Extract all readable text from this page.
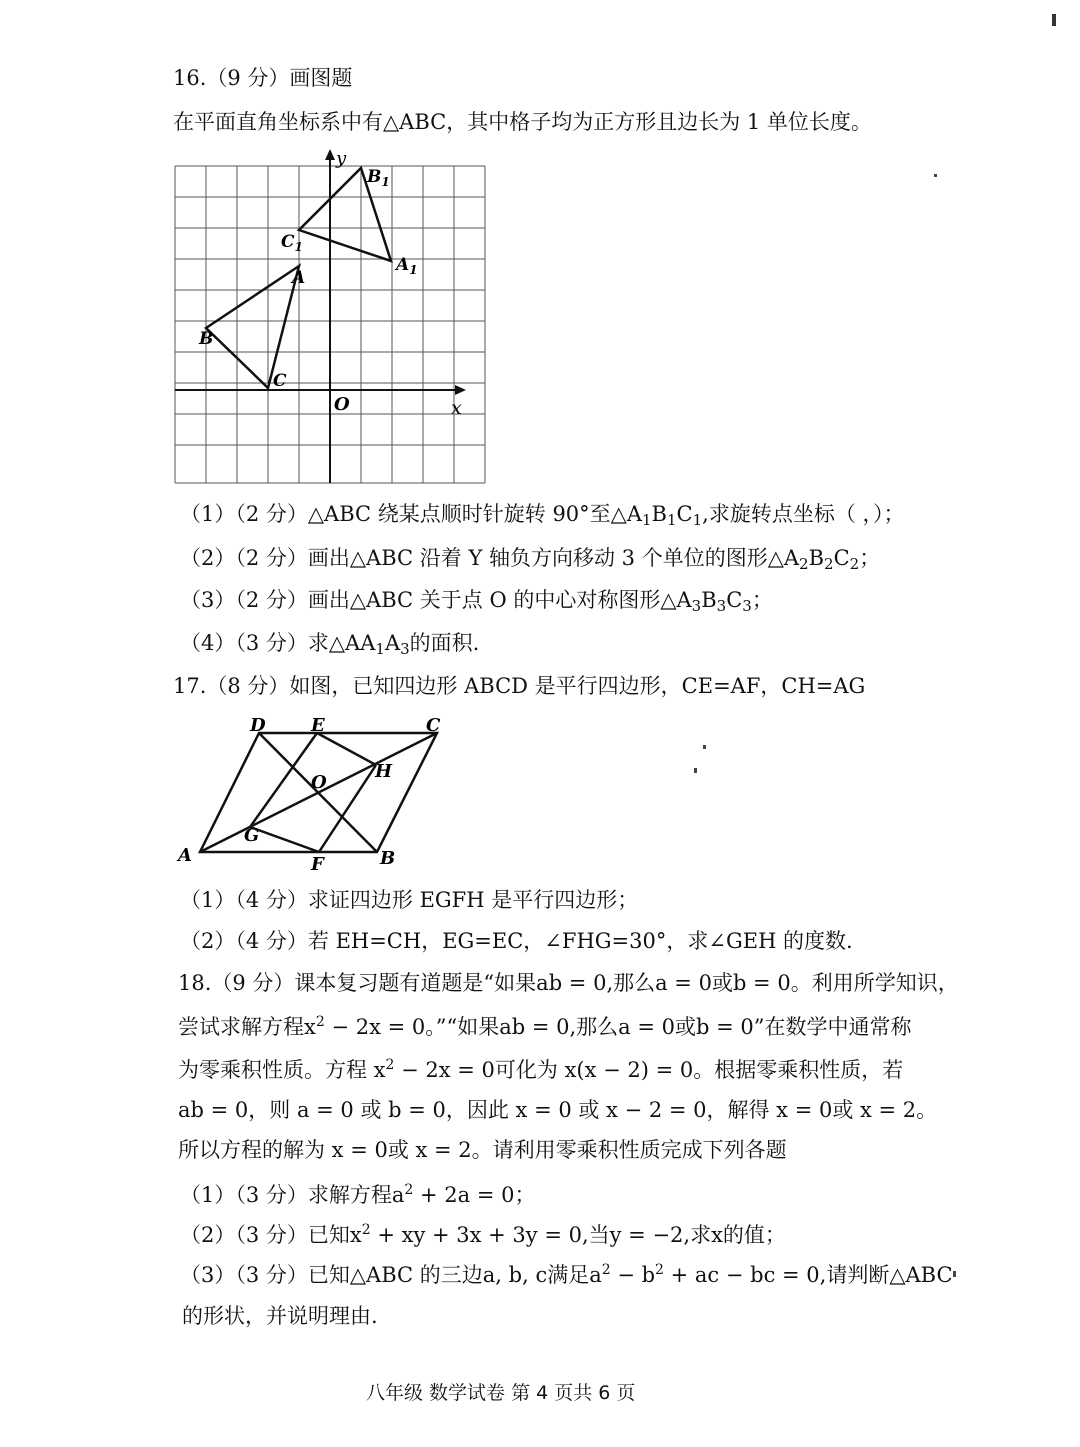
16.（9 分）画图题
在平面直角坐标系中有△ABC，其中格子均为正方形且边长为 1 单位长度。
y
x
O
$B_1$
$C_1$
$A_1$
A
B
C
（1）（2 分）△ABC 绕某点顺时针旋转 90°至$\triangle A_1B_1C_1$,求旋转点坐标（ ，）；
（2）（2 分）画出△ABC 沿着 Y 轴负方向移动 3 个单位的图形$\triangle A_2B_2C_2$；
（3）（2 分）画出△ABC 关于点 O 的中心对称图形$\triangle A_3B_3C_3$；
（4）（3 分）求$\triangle AA_1A_3$的面积.
17.（8 分）如图，已知四边形 ABCD 是平行四边形，CE=AF，CH=AG
D	E	C
O
H
G
A	F	B
（1）（4 分）求证四边形 EGFH 是平行四边形；
（2）（4 分）若 EH=CH，EG=EC，∠FHG=30°，求∠GEH 的度数.
18.（9 分）课本复习题有道题是“如果ab = 0,那么a = 0或b = 0。利用所学知识，
尝试求解方程$x^2 - 2x = 0$。”“如果ab = 0,那么a = 0或b = 0”在数学中通常称
为零乘积性质。方程 $x^2 - 2x = 0$可化为 x(x − 2) = 0。根据零乘积性质，若
ab = 0，则 a = 0 或 b = 0，因此 x = 0 或 x − 2 = 0，解得 x = 0或 x = 2。
所以方程的解为 x = 0或 x = 2。请利用零乘积性质完成下列各题
（1）（3 分）求解方程$a^2 + 2a = 0$；
（2）（3 分）已知$x^2$ + xy + 3x + 3y = 0,当y = −2,求x的值；
（3）（3 分）已知△ABC 的三边a, b, c满足$a^2 - b^2$ + ac − bc = 0,请判断△ABC
的形状，并说明理由.
八年级 数学试卷 第 4 页共 6 页
